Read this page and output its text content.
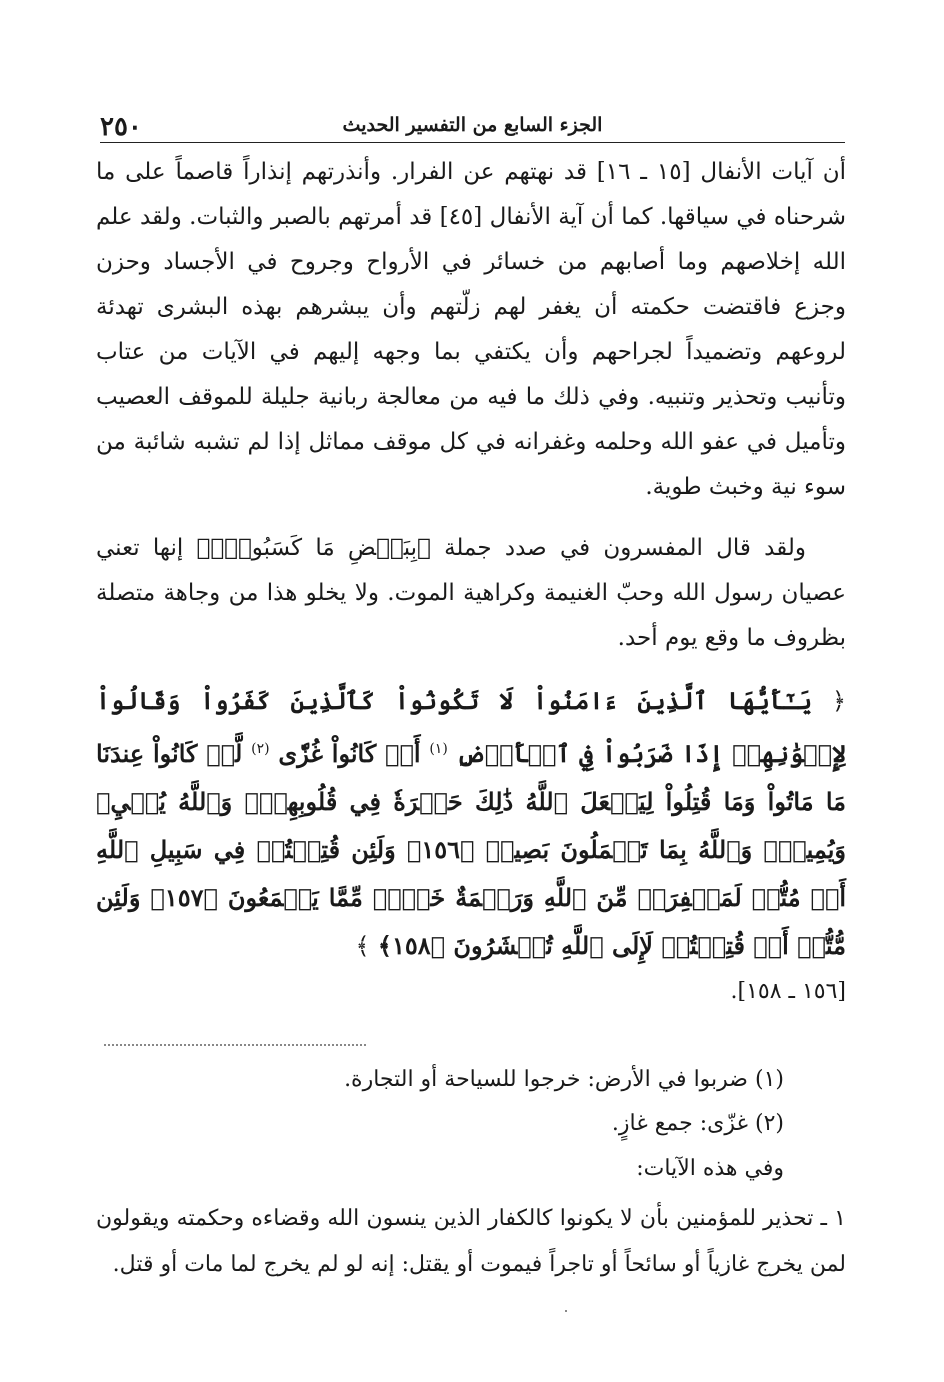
٢٥٠	الجزء السابع من التفسير الحديث

أن آيات الأنفال [١٥ ـ ١٦] قد نهتهم عن الفرار. وأنذرتهم إنذاراً قاصماً على ما شرحناه في سياقها. كما أن آية الأنفال [٤٥] قد أمرتهم بالصبر والثبات. ولقد علم الله إخلاصهم وما أصابهم من خسائر في الأرواح وجروح في الأجساد وحزن وجزع فاقتضت حكمته أن يغفر لهم زلّتهم وأن يبشرهم بهذه البشرى تهدئة لروعهم وتضميداً لجراحهم وأن يكتفي بما وجهه إليهم في الآيات من عتاب وتأنيب وتحذير وتنبيه. وفي ذلك ما فيه من معالجة ربانية جليلة للموقف العصيب وتأميل في عفو الله وحلمه وغفرانه في كل موقف مماثل إذا لم تشبه شائبة من سوء نية وخبث طوية.

ولقد قال المفسرون في صدد جملة ﴿بِبَعۡضِ مَا كَسَبُواْۖ﴾ إنها تعني عصيان رسول الله وحبّ الغنيمة وكراهية الموت. ولا يخلو هذا من وجاهة متصلة بظروف ما وقع يوم أحد.

﴿ يَـٰٓأَيُّهَا ٱلَّذِينَ ءَامَنُواْ لَا تَكُونُواْ كَٱلَّذِينَ كَفَرُواْ وَقَالُواْ لِإِخۡوَٰنِهِمۡ إِذَا ضَرَبُواْ فِي ٱلۡأَرۡضِ $^{(١)}$ أَوۡ كَانُواْ غُزّٗى $^{(٢)}$ لَّوۡ كَانُواْ عِندَنَا مَا مَاتُواْ وَمَا قُتِلُواْ لِيَجۡعَلَ ٱللَّهُ ذَٰلِكَ حَسۡرَةٗ فِي قُلُوبِهِمۡۗ وَٱللَّهُ يُحۡيِۦ وَيُمِيتُۗ وَٱللَّهُ بِمَا تَعۡمَلُونَ بَصِيرٞ ﴿١٥٦﴾ وَلَئِن قُتِلۡتُمۡ فِي سَبِيلِ ٱللَّهِ أَوۡ مُتُّمۡ لَمَغۡفِرَةٞ مِّنَ ٱللَّهِ وَرَحۡمَةٌ خَيۡرٞ مِّمَّا يَجۡمَعُونَ ﴿١٥٧﴾ وَلَئِن مُّتُّمۡ أَوۡ قُتِلۡتُمۡ لَإِلَى ٱللَّهِ تُحۡشَرُونَ ﴿١٥٨﴾ ﴾

[١٥٦ ـ ١٥٨].

(١) ضربوا في الأرض: خرجوا للسياحة أو التجارة.

(٢) غزّى: جمع غازٍ.

وفي هذه الآيات:

١ ـ تحذير للمؤمنين بأن لا يكونوا كالكفار الذين ينسون الله وقضاءه وحكمته ويقولون لمن يخرج غازياً أو سائحاً أو تاجراً فيموت أو يقتل: إنه لو لم يخرج لما مات أو قتل.
